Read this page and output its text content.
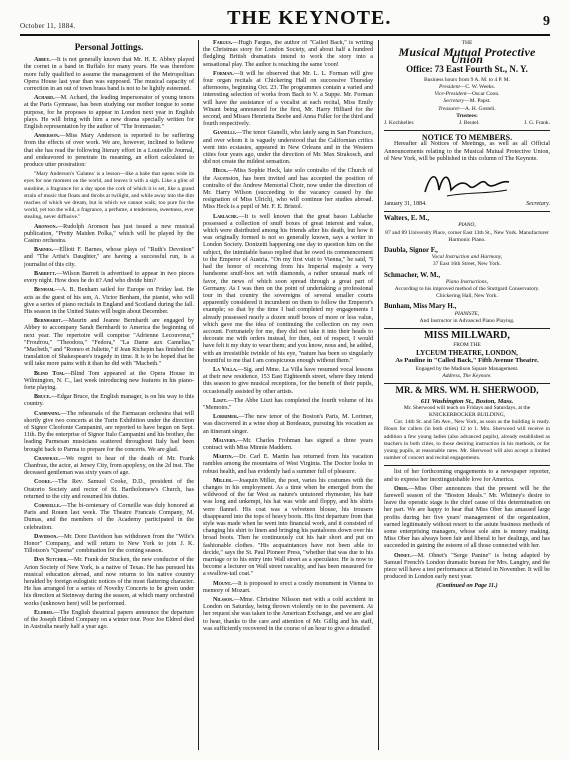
October 11, 1884.	THE KEYNOTE.	9
Personal Jottings.

Abbey.—It is not generally known that Mr. H. E. Abbey played the cornet in a band in Buffalo for many years. He was therefore more fully qualified to assume the management of the Metropolitan Opera House last year than was supposed. The musical capacity of correction in an out of town brass band is not to be lightly esteemed.

Achard.—M. Achard, the leading impersonator of young tenors at the Paris Gymnase, has been studying our mother tongue to some purpose, for he proposes to appear in London next year in English plays. He will bring with him a new drama specially written for English representation by the author of "The Ironmaster."

Anderson.—Miss Mary Anderson is reported to be suffering from the effects of over work. We are, however, inclined to believe that she has read the following literary effort in a Louisville Journal, and endeavored to penetrate its meaning, an effort calculated to produce utter prostration:

"Mary Anderson's 'Galatea' is a lesson—like a babe that opens wide its eyes for one moment on the world, and leaves it with a sigh. Like a glint of sunshine, a fragrance for a day upon the cork of which it is set, like a grand strain of music that floats and throbs at twilight, and while away into the dim reaches of which we dream, but in which we cannot walk; too pure for the world, yet too the wild, a fragrance, a perfume, a tenderness, sweetness, ever stealing, never diffusive."

Aronson.—Rudolph Aronson has just issued a new musical publication, "Pretty Maiden Polka," which will be played by the Casino orchestra.

Barnes.—Elliott F. Barnes, whose plays of "Ruth's Devotion" and "The Artist's Daughter," are having a successful run, is a journalist of this city.

Barrett.—Wilson Barrett is advertised to appear in two pieces every night. How does he do it? And who divide him?

Benham.—A. B. Benham sailed for Europe on Friday last. He acts as the guest of his son, A. Victor Benham, the pianist, who will give a series of piano recitals in England and Scotland during the fall. His season in the United States will begin about December.

Bernhardt.—Maurin and Jeanne Bernhardt are engaged by Abbey to accompany Sarah Bernhardt to America the beginning of next year. The repertoire will comprise "Adrienne Lecouvreur," "Froufrou," "Theodora," "Fedora," "La Dame aux Camelias," "Macbeth," and "Romeo et Juliette," if Jean Richepin has finished the translation of Shakespeare's tragedy in time. It is to be hoped that he will take more pains with it than he did with "Macbeth."

Blind Tom.—Blind Tom appeared at the Opera House in Wilmington, N. C., last week introducing new features in his piano-forte playing.

Bruce.—Edgar Bruce, the English manager, is on his way to this country.

Campanini.—The rehearsals of the Farmacan orchestra that will shortly give two concerts at the Turin Exhibition under the direction of Signor Cleofonte Campanini, are reported to have begun on Sept. 11th. By the enterprise of Signor Italo Campanini and his brother, the leading Parmesan musicians scattered throughout Italy had been brought back to Parma to prepare for the concerts. We are glad.

Chanfrau.—We regret to hear of the death of Mr. Frank Chanfrau, the actor, at Jersey City, from apoplexy, on the 2d inst. The deceased gentleman was sixty years of age.

Cooke.—The Rev. Samuel Cooke, D.D., president of the Oratorio Society and rector of St. Bartholomew's Church, has returned to the city and resumed his duties.

Corneille.—The bi-centenary of Corneille was duly honored at Paris and Rouen last week. The Theatre Francais Company, M. Dumas, and the members of the Academy participated in the celebration.

Davidson.—Mr. Dore Davidson has withdrawn from the "Wife's Honor" Company, and will return to New York to join J. K. Tillotson's "Queena" combination for the coming season.

Dan Sutcher.—Mr. Frank der Stucken, the new conductor of the Arion Society of New York, is a native of Texas. He has pursued his musical education abroad, and now returns to his native country heralded by foreign eulogistic notices of the most flattering character. He has arranged for a series of Novelty Concerts to be given under his direction at Steinway during the season, at which many orchestral works (unknown here) will be performed.

Eldred.—The English theatrical papers announce the departure of the Joseph Eldred Company on a winter tour. Poor Joe Eldred died in Australia nearly half a year ago.

Fargus.—Hugh Fargus, the author of "Called Back," is writing the Christmas story for London Society, and about half a hundred fledgling British dramatists intend to work the story into a sensational play. The author is reaching the same 'coon!

Forman.—It will be observed that Mr. L. L. Forman will give four organ recitals at Chickering Hall on successive Thursday afternoons, beginning Oct. 23. The programmes contain a varied and interesting selection of works from Bach to V. a Suppe. Mr. Forman will have the assistance of a vocalist at each recital, Miss Emily Winant being announced for the first, Mr. Harry Hilliard for the second, and Misses Henrietta Beebe and Anna Fuller for the third and fourth respectively.

Gianelli.—The tenor Gianelli, who lately sang in San Francisco, and over whom it is vaguely understood that the Californian critics went into ecstasies, appeared in New Orleans and in the Western cities four years ago, under the direction of Mr. Max Strakosch, and did not create the mildest sensation.

Heck.—Miss Sophie Heck, late solo contralto of the Church of the Ascension, has been invited and has accepted the position of contralto of the Andrew Memorial Choir, now under the direction of Mr. Harry Wilson (succeeding to the vacancy caused by the resignation of Miss Ulrich), who will continue her studies abroad. Miss Heck is a pupil of Mr. F. E. Bristol.

Lablache.—It is well known that the great basso Lablache possessed a collection of snuff boxes of great interest and value, which were distributed among his friends after his death, but how it was originally formed is not so generally known, says a writer in London Society. Donizetti happening one day to question him on the subject, the inimitable basso replied that he owed its commencement to the Emperor of Austria. "On my first visit to Vienna," he said, "I had the honor of receiving from his Imperial majesty a very handsome snuff-box set with diamonds, a rather unusual mark of favor, the news of which soon spread through a great part of Germany. As I was then on the point of undertaking a professional tour in that country the sovereigns of several smaller courts apparently considered it incumbent on them to follow the Emperor's example; so that by the time I had completed my engagements I already possessed nearly a dozen snuff boxes of more or less value, which gave me the idea of continuing the collection on my own account. Fortunately for me, they did not take it into their heads to decorate me with orders instead, for then, out of respect, I would have felt it my duty to wear them; and you know, nous and, he added, with an irresistible twinkle of his eye, "nature has been so singularly bountiful to me that I am conspicuous enough without them."

La Villa.—Sig. and Mme. La Villa have resumed vocal lessons at their new residence, 153 East Eighteenth street, where they intend this season to give musical receptions, for the benefit of their pupils, occasionally assisted by other artists.

Liszt.—The Abbe Liszt has completed the fourth volume of his "Memoirs."

Lorrimer.—The new tenor of the Boston's Paris, M. Lorimer, was discovered in a wine shop at Bordeaux, pursuing his vocation as an itinerant singer.

Malvern.—Mr. Charles Frohman has signed a three years contract with Miss Minnie Maddern.

Martin.—Dr. Carl E. Martin has returned from his vacation rambles among the mountains of West Virginia. The Doctor looks in robust health, and has evidently had a summer full of pleasure.

Miller.—Joaquin Miller, the poet, varies his costumes with the changes in his employment. As a time when he emerged from the wildwood of the far West as nature's untutored rhymester, his hair was long and unkempt, his hat was wide and floppy, and his shirts were flannel. His coat was a velveteen blouse, his trousers disappeared into the tops of heavy boots. His first departure from that style was made when he went into financial work, and it consisted of changing his shirt to linen and bringing his pantaloons down over his broad boots. Then he continuously cut his hair short and put on fashionable clothes. "His acquaintances have not been able to decide," says the St. Paul Pioneer Press, "whether that was due to his marriage or to his entry into Wall street as a speculator. He is now to become a lecturer on Wall street rascality, and has been measured for a swallow-tail coat."

Mount.—It is proposed to erect a costly monument in Vienna to memory of Mozart.

Nilsson.—Mme. Christine Nilsson met with a cold accident in London on Saturday, being thrown violently on to the pavement. At her request she was taken to the American Exchange, and we are glad to hear, thanks to the care and attention of Mr. Gillig and his staff, was sufficiently recovered in the course of an hour to give a detailed

THE
Musical Mutual Protective Union
Office: 73 East Fourth St., N. Y.
Business hours from 9 A. M. to 4 P. M.
President—C. W. Weeks.
Vice-President—Oscar Coon.
Secretary—M. Papst.
Treasurer—A. H. Gosteli.
Trustees:
J. Kochheller.	J. Beutel.	J. G. Frank.
NOTICE TO MEMBERS.

Hereafter all Notices of Meetings, as well as all Official Announcements relating to the Musical Mutual Protective Union, of New York, will be published in this column of The Keynote.

January 31, 1884.	Secretary.
Walters, E. M.,
PIANO,
87 and 89 University Place, corner East 13th St., New York. Manufacturer Harmonic Piano.
Daubla, Signor F.,
Vocal Instruction and Harmony,
37 East 16th Street, New York.
Schmacher, W. M.,
Piano Instructions,
According to his improved method of the Stuttgard Conservatory. Chickering Hall, New York.
Bunham, Miss Mary H.,
PIANISTE,
And Instructor in Advanced Piano Playing.
MISS MILLWARD,
FROM THE
LYCEUM THEATRE, LONDON,
As Pauline in "Called Back," Fifth Avenue Theatre.
Engaged by the Madison Square Management.
Address, The Keynote.
MR. & MRS. WM. H. SHERWOOD,
611 Washington St., Boston, Mass.
Mr. Sherwood will teach on Fridays and Saturdays, at the KNICKERBOCKER BUILDING,

Cor. 14th St. and 5th Ave., New York, as soon as the building is ready. Hours for callers (in both cities) 12 to 1. Mrs. Sherwood will receive in addition a few young ladies (also advanced pupils), already established as teachers in both cities, to those desiring instruction in his methods, or for young pupils, at reasonable rates. Mr. Sherwood will also accept a limited number of concert and recital engagements.

list of her forthcoming engagements to a newspaper reporter, and to express her inextinguishable love for America.

Ober.—Miss Ober announces that the present will be the farewell season of the "Boston Ideals." Mr. Whitney's desire to leave the operatic stage is the chief cause of this determination on her part. We are happy to hear that Miss Ober has amassed large profits during her five years' management of the organization, earned legitimately without resort to the astute business methods of some enterprising managers, whose sole aim is money making. Miss Ober has always been fair and liberal to her dealings, and has succeeded in gaining the esteem of all those connected with her.

Ohnet.—M. Ohnet's "Serge Panine" is being adapted by Samuel French's London dramatic bureau for Mrs. Langtry, and the piece will have a test performance at Bristol in November. It will be produced in London early next year.

(Continued on Page 11.)
